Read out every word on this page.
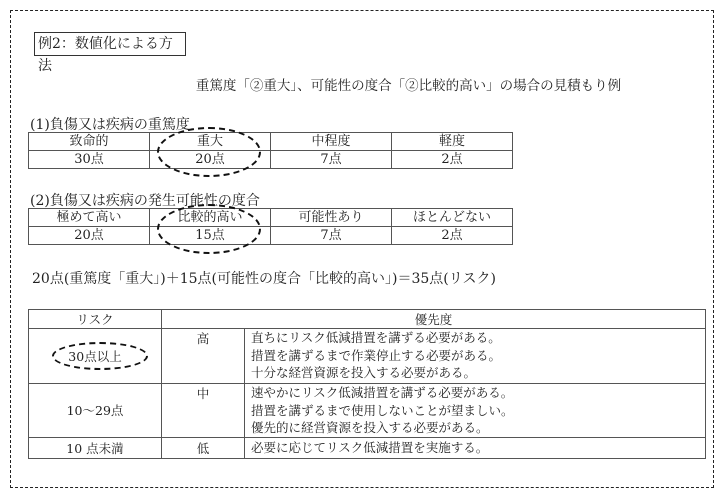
例2：数値化による方法
重篤度「②重大」、可能性の度合「②比較的高い」の場合の見積もり例
(1)負傷又は疾病の重篤度
致命的	重大	中程度	軽度
30点	20点	7点	2点
(2)負傷又は疾病の発生可能性の度合
極めて高い	比較的高い	可能性あり	ほとんどない
20点	15点	7点	2点
20点(重篤度「重大」)＋15点(可能性の度合「比較的高い」)＝35点(リスク)
リスク	優先度	
30点以上	高	直ちにリスク低減措置を講ずる必要がある。
措置を講ずるまで作業停止する必要がある。
十分な経営資源を投入する必要がある。

10～29点	中	速やかにリスク低減措置を講ずる必要がある。
措置を講ずるまで使用しないことが望ましい。
優先的に経営資源を投入する必要がある。

10 点未満	低	必要に応じてリスク低減措置を実施する。
